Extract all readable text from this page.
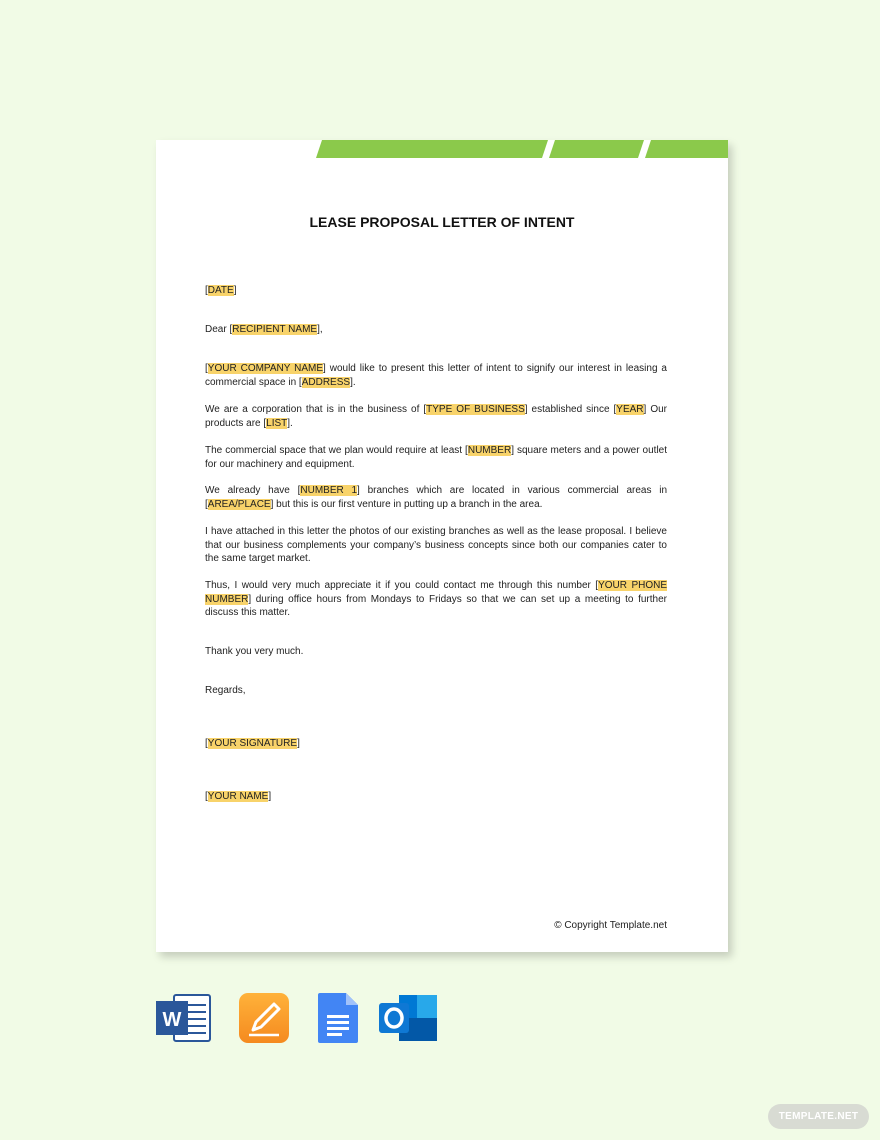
LEASE PROPOSAL LETTER OF INTENT

[DATE]

Dear [RECIPIENT NAME],

[YOUR COMPANY NAME] would like to present this letter of intent to signify our interest in leasing a commercial space in [ADDRESS].

We are a corporation that is in the business of [TYPE OF BUSINESS] established since [YEAR] Our products are [LIST].

The commercial space that we plan would require at least [NUMBER] square meters and a power outlet for our machinery and equipment.

We already have [NUMBER 1] branches which are located in various commercial areas in [AREA/PLACE] but this is our first venture in putting up a branch in the area.

I have attached in this letter the photos of our existing branches as well as the lease proposal. I believe that our business complements your company’s business concepts since both our companies cater to the same target market.

Thus, I would very much appreciate it if you could contact me through this number [YOUR PHONE NUMBER] during office hours from Mondays to Fridays so that we can set up a meeting to further discuss this matter.

Thank you very much.

Regards,

[YOUR SIGNATURE]

[YOUR NAME]

© Copyright Template.net
W
TEMPLATE.NET
